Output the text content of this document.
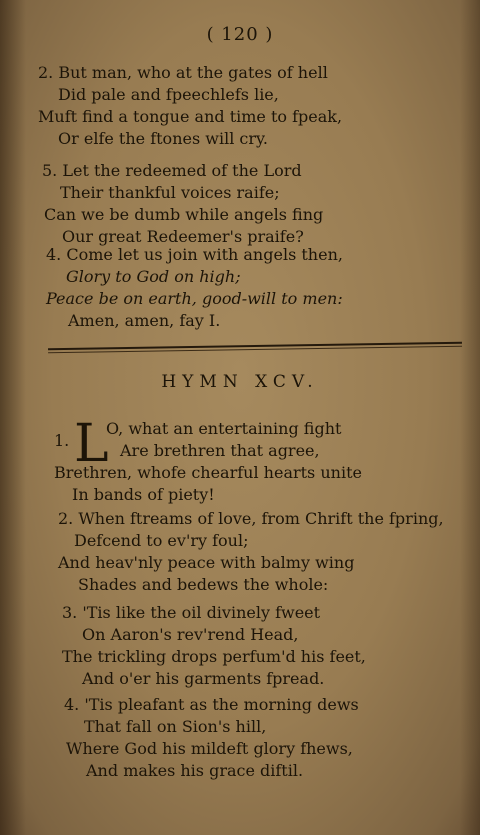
( 120 )
2. But man, who at the gates of hell
Did pale and fpeechlefs lie,
Muft find a tongue and time to fpeak,
Or elfe the ftones will cry.
5. Let the redeemed of the Lord
Their thankful voices raife;
Can we be dumb while angels fing
Our great Redeemer's praife?
4. Come let us join with angels then,
Glory to God on high;
Peace be on earth, good-will to men:
Amen, amen, fay I.
HYMN XCV.
1. L
O, what an entertaining fight
Are brethren that agree,
Brethren, whofe chearful hearts unite
In bands of piety!
2. When ftreams of love, from Chrift the fpring,
Defcend to ev'ry foul;
And heav'nly peace with balmy wing
Shades and bedews the whole:
3. 'Tis like the oil divinely fweet
On Aaron's rev'rend Head,
The trickling drops perfum'd his feet,
And o'er his garments fpread.
4. 'Tis pleafant as the morning dews
That fall on Sion's hill,
Where God his mildeft glory fhews,
And makes his grace diftil.
